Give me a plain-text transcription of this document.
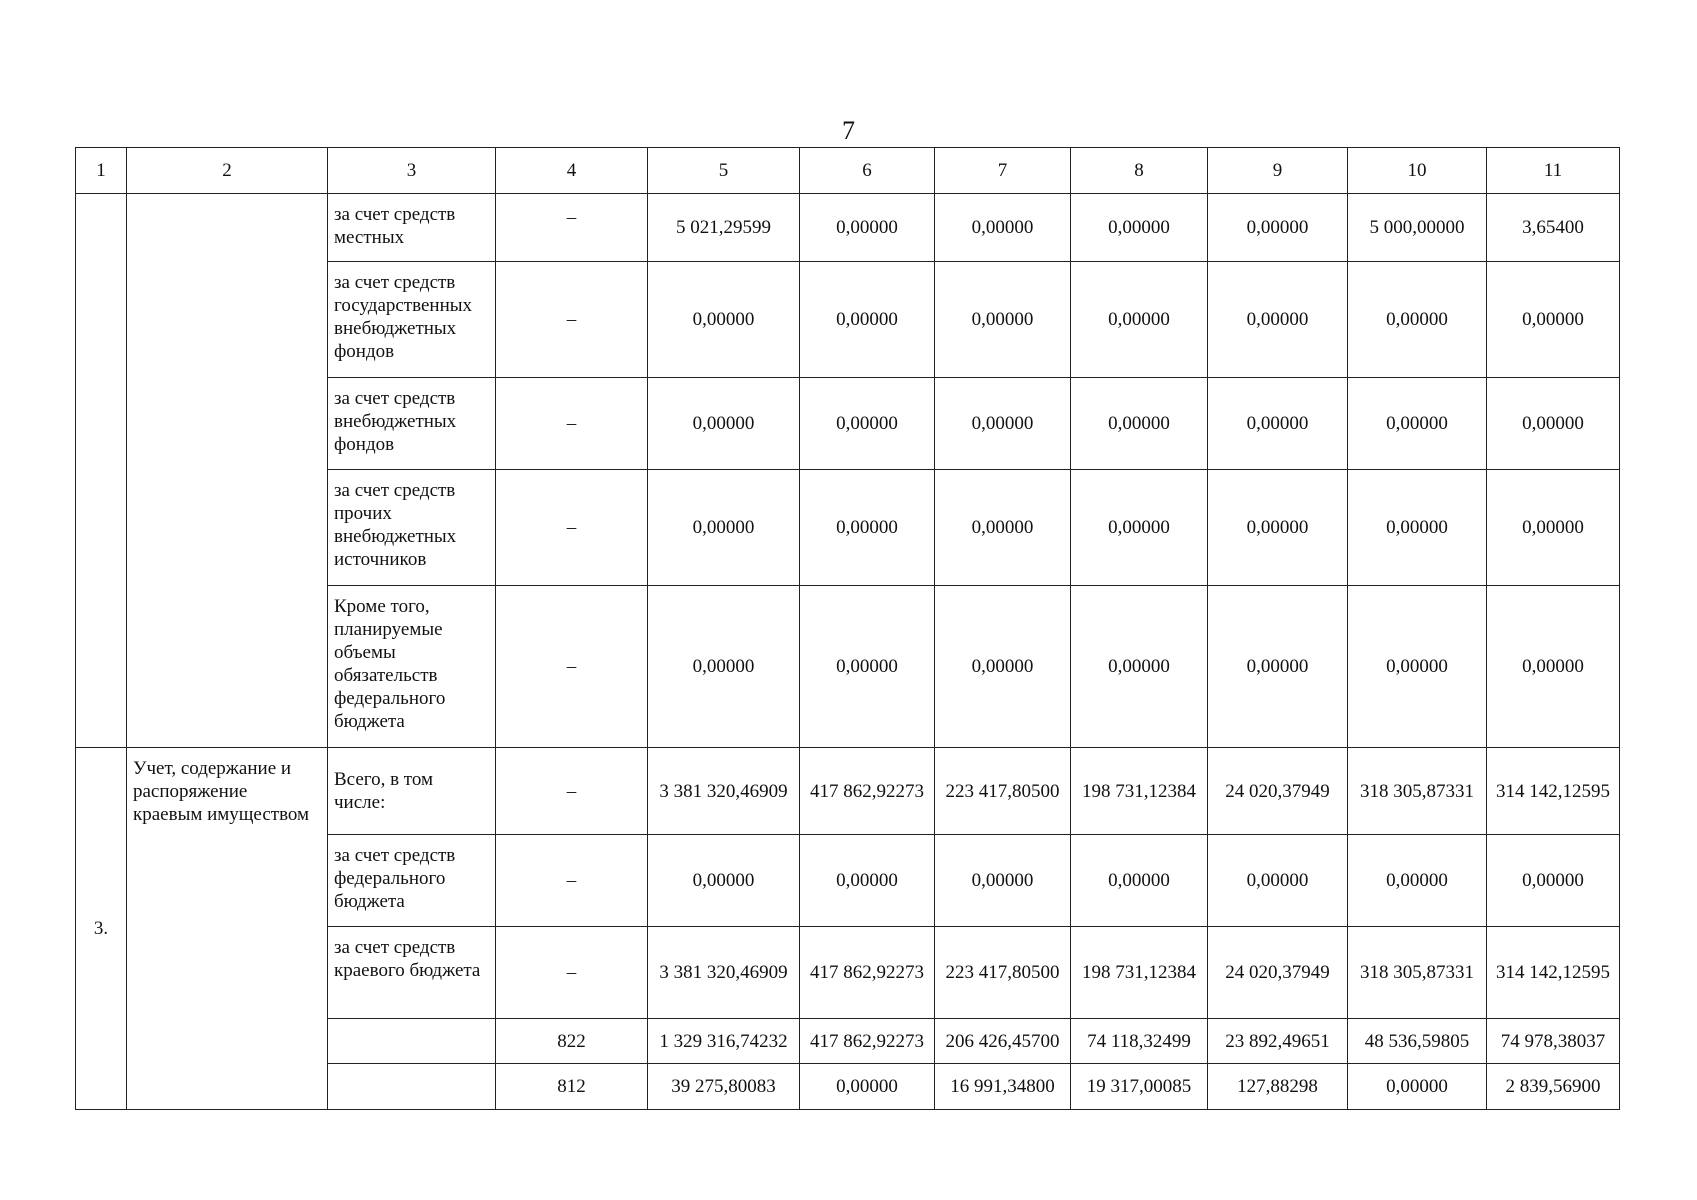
7
1	2	3	4	5	6	7	8	9	10	11
		за счет средств местных	–	5 021,29599	0,00000	0,00000	0,00000	0,00000	5 000,00000	3,65400
		за счет средств государственных внебюджетных фондов	–	0,00000	0,00000	0,00000	0,00000	0,00000	0,00000	0,00000
		за счет средств внебюджетных фондов	–	0,00000	0,00000	0,00000	0,00000	0,00000	0,00000	0,00000
		за счет средств прочих внебюджетных источников	–	0,00000	0,00000	0,00000	0,00000	0,00000	0,00000	0,00000
		Кроме того, планируемые объемы обязательств федерального бюджета	–	0,00000	0,00000	0,00000	0,00000	0,00000	0,00000	0,00000
3.	Учет, содержание и распоряжение краевым имуществом	Всего, в том числе:	–	3 381 320,46909	417 862,92273	223 417,80500	198 731,12384	24 020,37949	318 305,87331	314 142,12595
		за счет средств федерального бюджета	–	0,00000	0,00000	0,00000	0,00000	0,00000	0,00000	0,00000
		за счет средств краевого бюджета	–	3 381 320,46909	417 862,92273	223 417,80500	198 731,12384	24 020,37949	318 305,87331	314 142,12595
			822	1 329 316,74232	417 862,92273	206 426,45700	74 118,32499	23 892,49651	48 536,59805	74 978,38037
			812	39 275,80083	0,00000	16 991,34800	19 317,00085	127,88298	0,00000	2 839,56900
